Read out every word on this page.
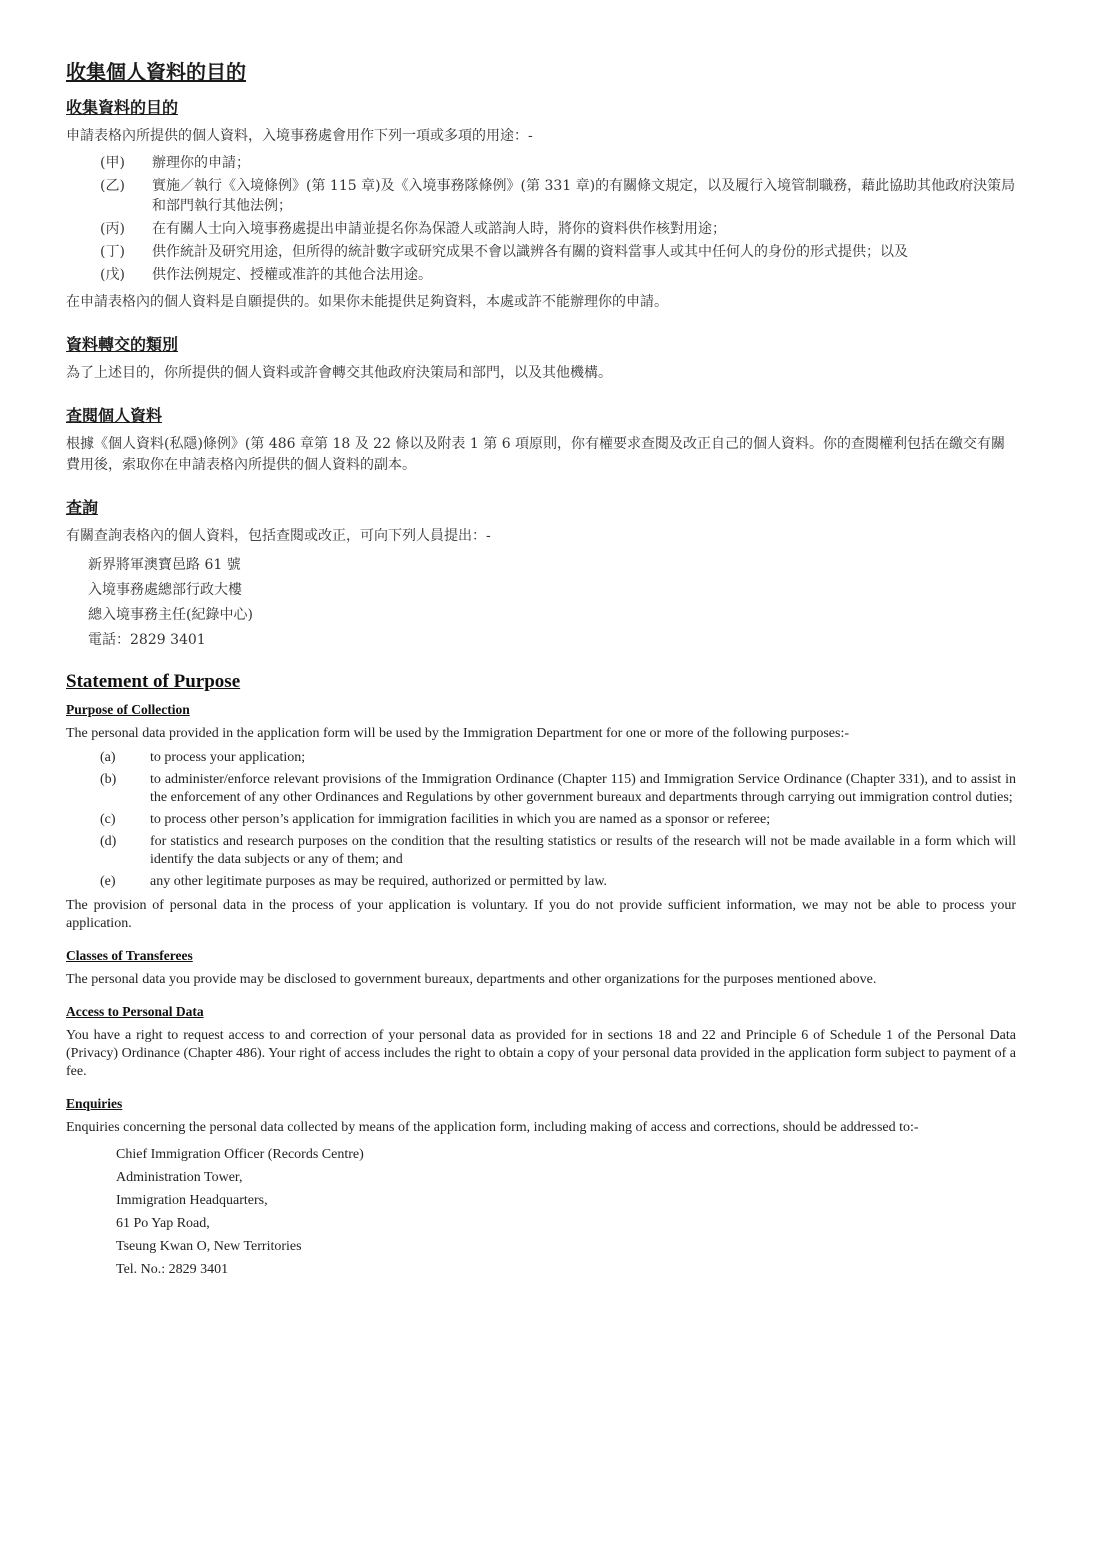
收集個人資料的目的
收集資料的目的

申請表格內所提供的個人資料，入境事務處會用作下列一項或多項的用途：-

(甲)	辦理你的申請；
(乙)	實施／執行《入境條例》(第 115 章)及《入境事務隊條例》(第 331 章)的有關條文規定，以及履行入境管制職務，藉此協助其他政府決策局和部門執行其他法例；
(丙)	在有關人士向入境事務處提出申請並提名你為保證人或諮詢人時，將你的資料供作核對用途；
(丁)	供作統計及研究用途，但所得的統計數字或研究成果不會以識辨各有關的資料當事人或其中任何人的身份的形式提供；以及
(戊)	供作法例規定、授權或准許的其他合法用途。

在申請表格內的個人資料是自願提供的。如果你未能提供足夠資料，本處或許不能辦理你的申請。

資料轉交的類別

為了上述目的，你所提供的個人資料或許會轉交其他政府決策局和部門，以及其他機構。

查閱個人資料

根據《個人資料(私隱)條例》(第 486 章第 18 及 22 條以及附表 1 第 6 項原則，你有權要求查閱及改正自己的個人資料。你的查閱權利包括在繳交有關費用後，索取你在申請表格內所提供的個人資料的副本。

查詢

有關查詢表格內的個人資料，包括查閱或改正，可向下列人員提出：-

新界將軍澳寶邑路 61 號
入境事務處總部行政大樓
總入境事務主任(紀錄中心)
電話：2829 3401
Statement of Purpose
Purpose of Collection

The personal data provided in the application form will be used by the Immigration Department for one or more of the following purposes:-

(a)	to process your application;
(b)	to administer/enforce relevant provisions of the Immigration Ordinance (Chapter 115) and Immigration Service Ordinance (Chapter 331), and to assist in the enforcement of any other Ordinances and Regulations by other government bureaux and departments through carrying out immigration control duties;
(c)	to process other person’s application for immigration facilities in which you are named as a sponsor or referee;
(d)	for statistics and research purposes on the condition that the resulting statistics or results of the research will not be made available in a form which will identify the data subjects or any of them; and
(e)	any other legitimate purposes as may be required, authorized or permitted by law.

The provision of personal data in the process of your application is voluntary. If you do not provide sufficient information, we may not be able to process your application.

Classes of Transferees

The personal data you provide may be disclosed to government bureaux, departments and other organizations for the purposes mentioned above.

Access to Personal Data

You have a right to request access to and correction of your personal data as provided for in sections 18 and 22 and Principle 6 of Schedule 1 of the Personal Data (Privacy) Ordinance (Chapter 486). Your right of access includes the right to obtain a copy of your personal data provided in the application form subject to payment of a fee.

Enquiries

Enquiries concerning the personal data collected by means of the application form, including making of access and corrections, should be addressed to:-

Chief Immigration Officer (Records Centre)
Administration Tower,
Immigration Headquarters,
61 Po Yap Road,
Tseung Kwan O, New Territories
Tel. No.: 2829 3401
